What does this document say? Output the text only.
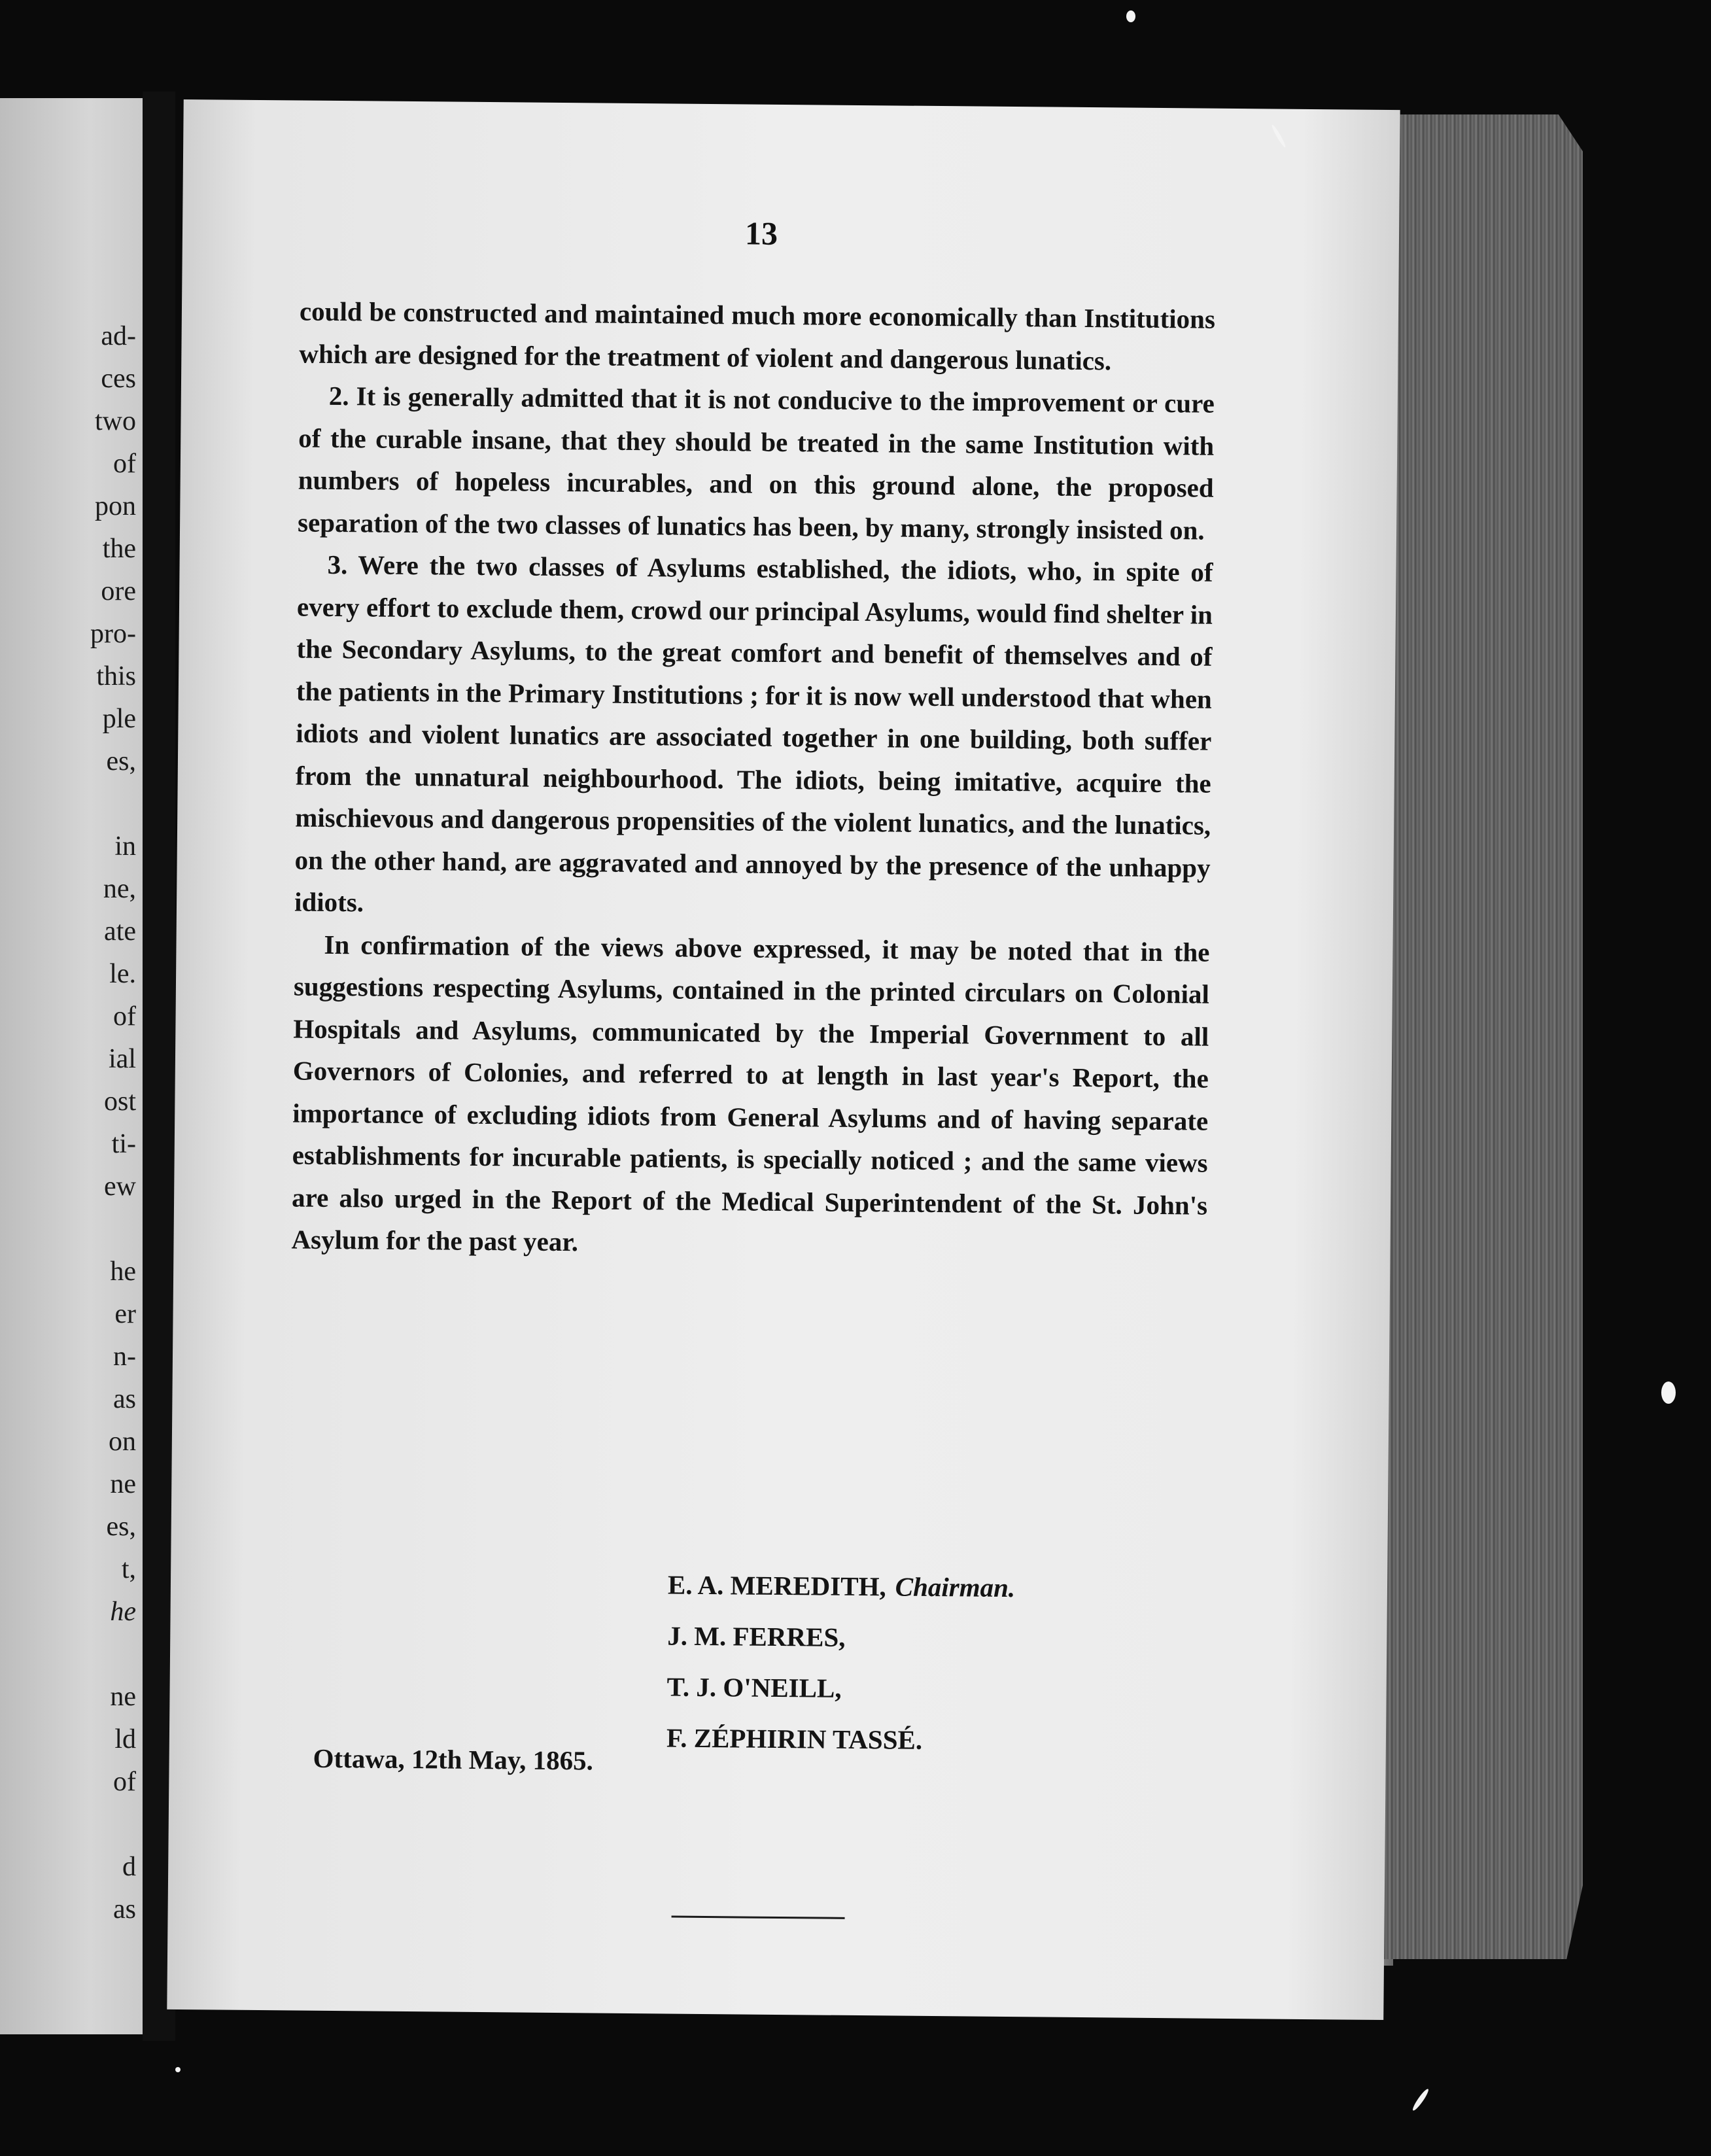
ad-
ces
two
of
pon
the
ore
pro-
this
ple
es,
in
ne,
ate
le.
of
ial
ost
ti-
ew
he
er
n-
as
on
ne
es,
t,
he
ne
ld
of
d
as
13

could be constructed and maintained much more economically than Institutions which are designed for the treatment of violent and dangerous lunatics.

2. It is generally admitted that it is not conducive to the improvement or cure of the curable insane, that they should be treated in the same Institution with numbers of hopeless incurables, and on this ground alone, the proposed separation of the two classes of lunatics has been, by many, strongly insisted on.

3. Were the two classes of Asylums established, the idiots, who, in spite of every effort to exclude them, crowd our principal Asylums, would find shelter in the Secondary Asylums, to the great comfort and benefit of themselves and of the patients in the Primary Institutions ; for it is now well understood that when idiots and violent lunatics are associated together in one building, both suffer from the unnatural neighbourhood. The idiots, being imitative, acquire the mischievous and dangerous propensities of the violent lunatics, and the lunatics, on the other hand, are aggravated and annoyed by the presence of the unhappy idiots.

In confirmation of the views above expressed, it may be noted that in the suggestions respecting Asylums, contained in the printed circulars on Colonial Hospitals and Asylums, communicated by the Imperial Government to all Governors of Colonies, and referred to at length in last year's Report, the importance of excluding idiots from General Asylums and of having separate establishments for incurable patients, is specially noticed ; and the same views are also urged in the Report of the Medical Superintendent of the St. John's Asylum for the past year.

E. A. MEREDITH, Chairman.
J. M. FERRES,
T. J. O'NEILL,
F. ZÉPHIRIN TASSÉ.
Ottawa, 12th May, 1865.
